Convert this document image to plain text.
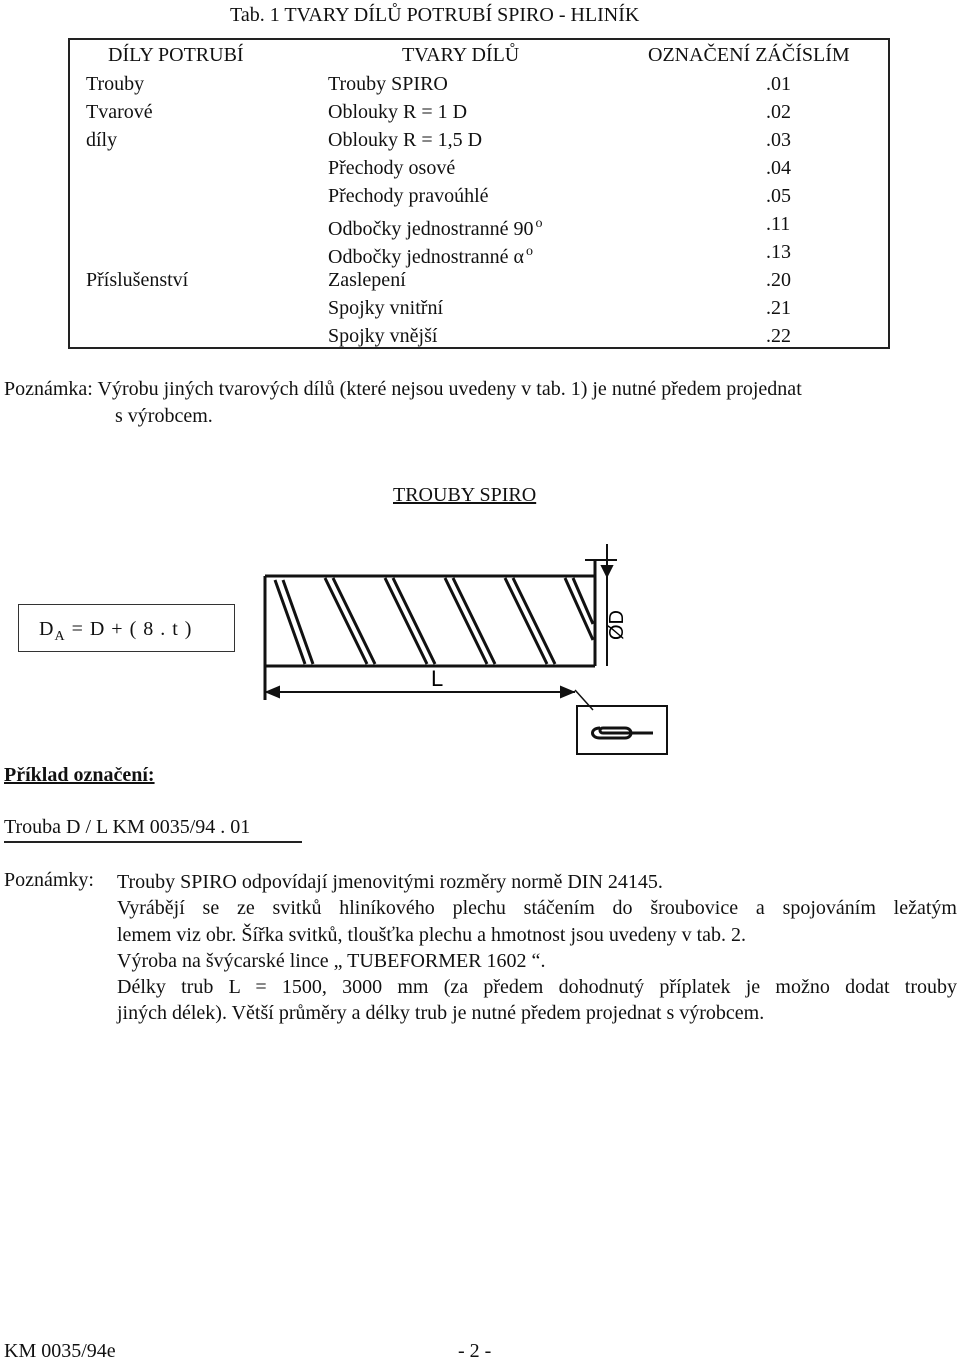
Tab. 1 TVARY DÍLŮ POTRUBÍ SPIRO - HLINÍK
DÍLY POTRUBÍ
Trouby
Tvarové
díly
Příslušenství
TVARY DÍLŮ
Trouby SPIRO
Oblouky R = 1 D
Oblouky R = 1,5 D
Přechody osové
Přechody pravoúhlé
Odbočky jednostranné 90 $^o$
Odbočky jednostranné α $^o$
Zaslepení
Spojky vnitřní
Spojky vnější
OZNAČENÍ ZÁČÍSLÍM
.01
.02
.03
.04
.05
.11
.13
.20
.21
.22
Poznámka: Výrobu jiných tvarových dílů (které nejsou uvedeny v tab. 1) je nutné předem projednat
s výrobcem.
TROUBY SPIRO
$D_A = D$ + ( 8 . t )
L
ØD
Příklad označení:
Trouba D / L KM 0035/94 . 01
Poznámky: Trouby SPIRO odpovídají jmenovitými rozměry normě DIN 24145.
Vyrábějí se ze svitků hliníkového plechu stáčením do šroubovice a spojováním ležatým
lemem viz obr. Šířka svitků, tloušťka plechu a hmotnost jsou uvedeny v tab. 2.
Výroba na švýcarské lince „ TUBEFORMER 1602 “.
Délky trub L = 1500, 3000 mm (za předem dohodnutý příplatek je možno dodat trouby
jiných délek). Větší průměry a délky trub je nutné předem projednat s výrobcem.
KM 0035/94e	- 2 -
